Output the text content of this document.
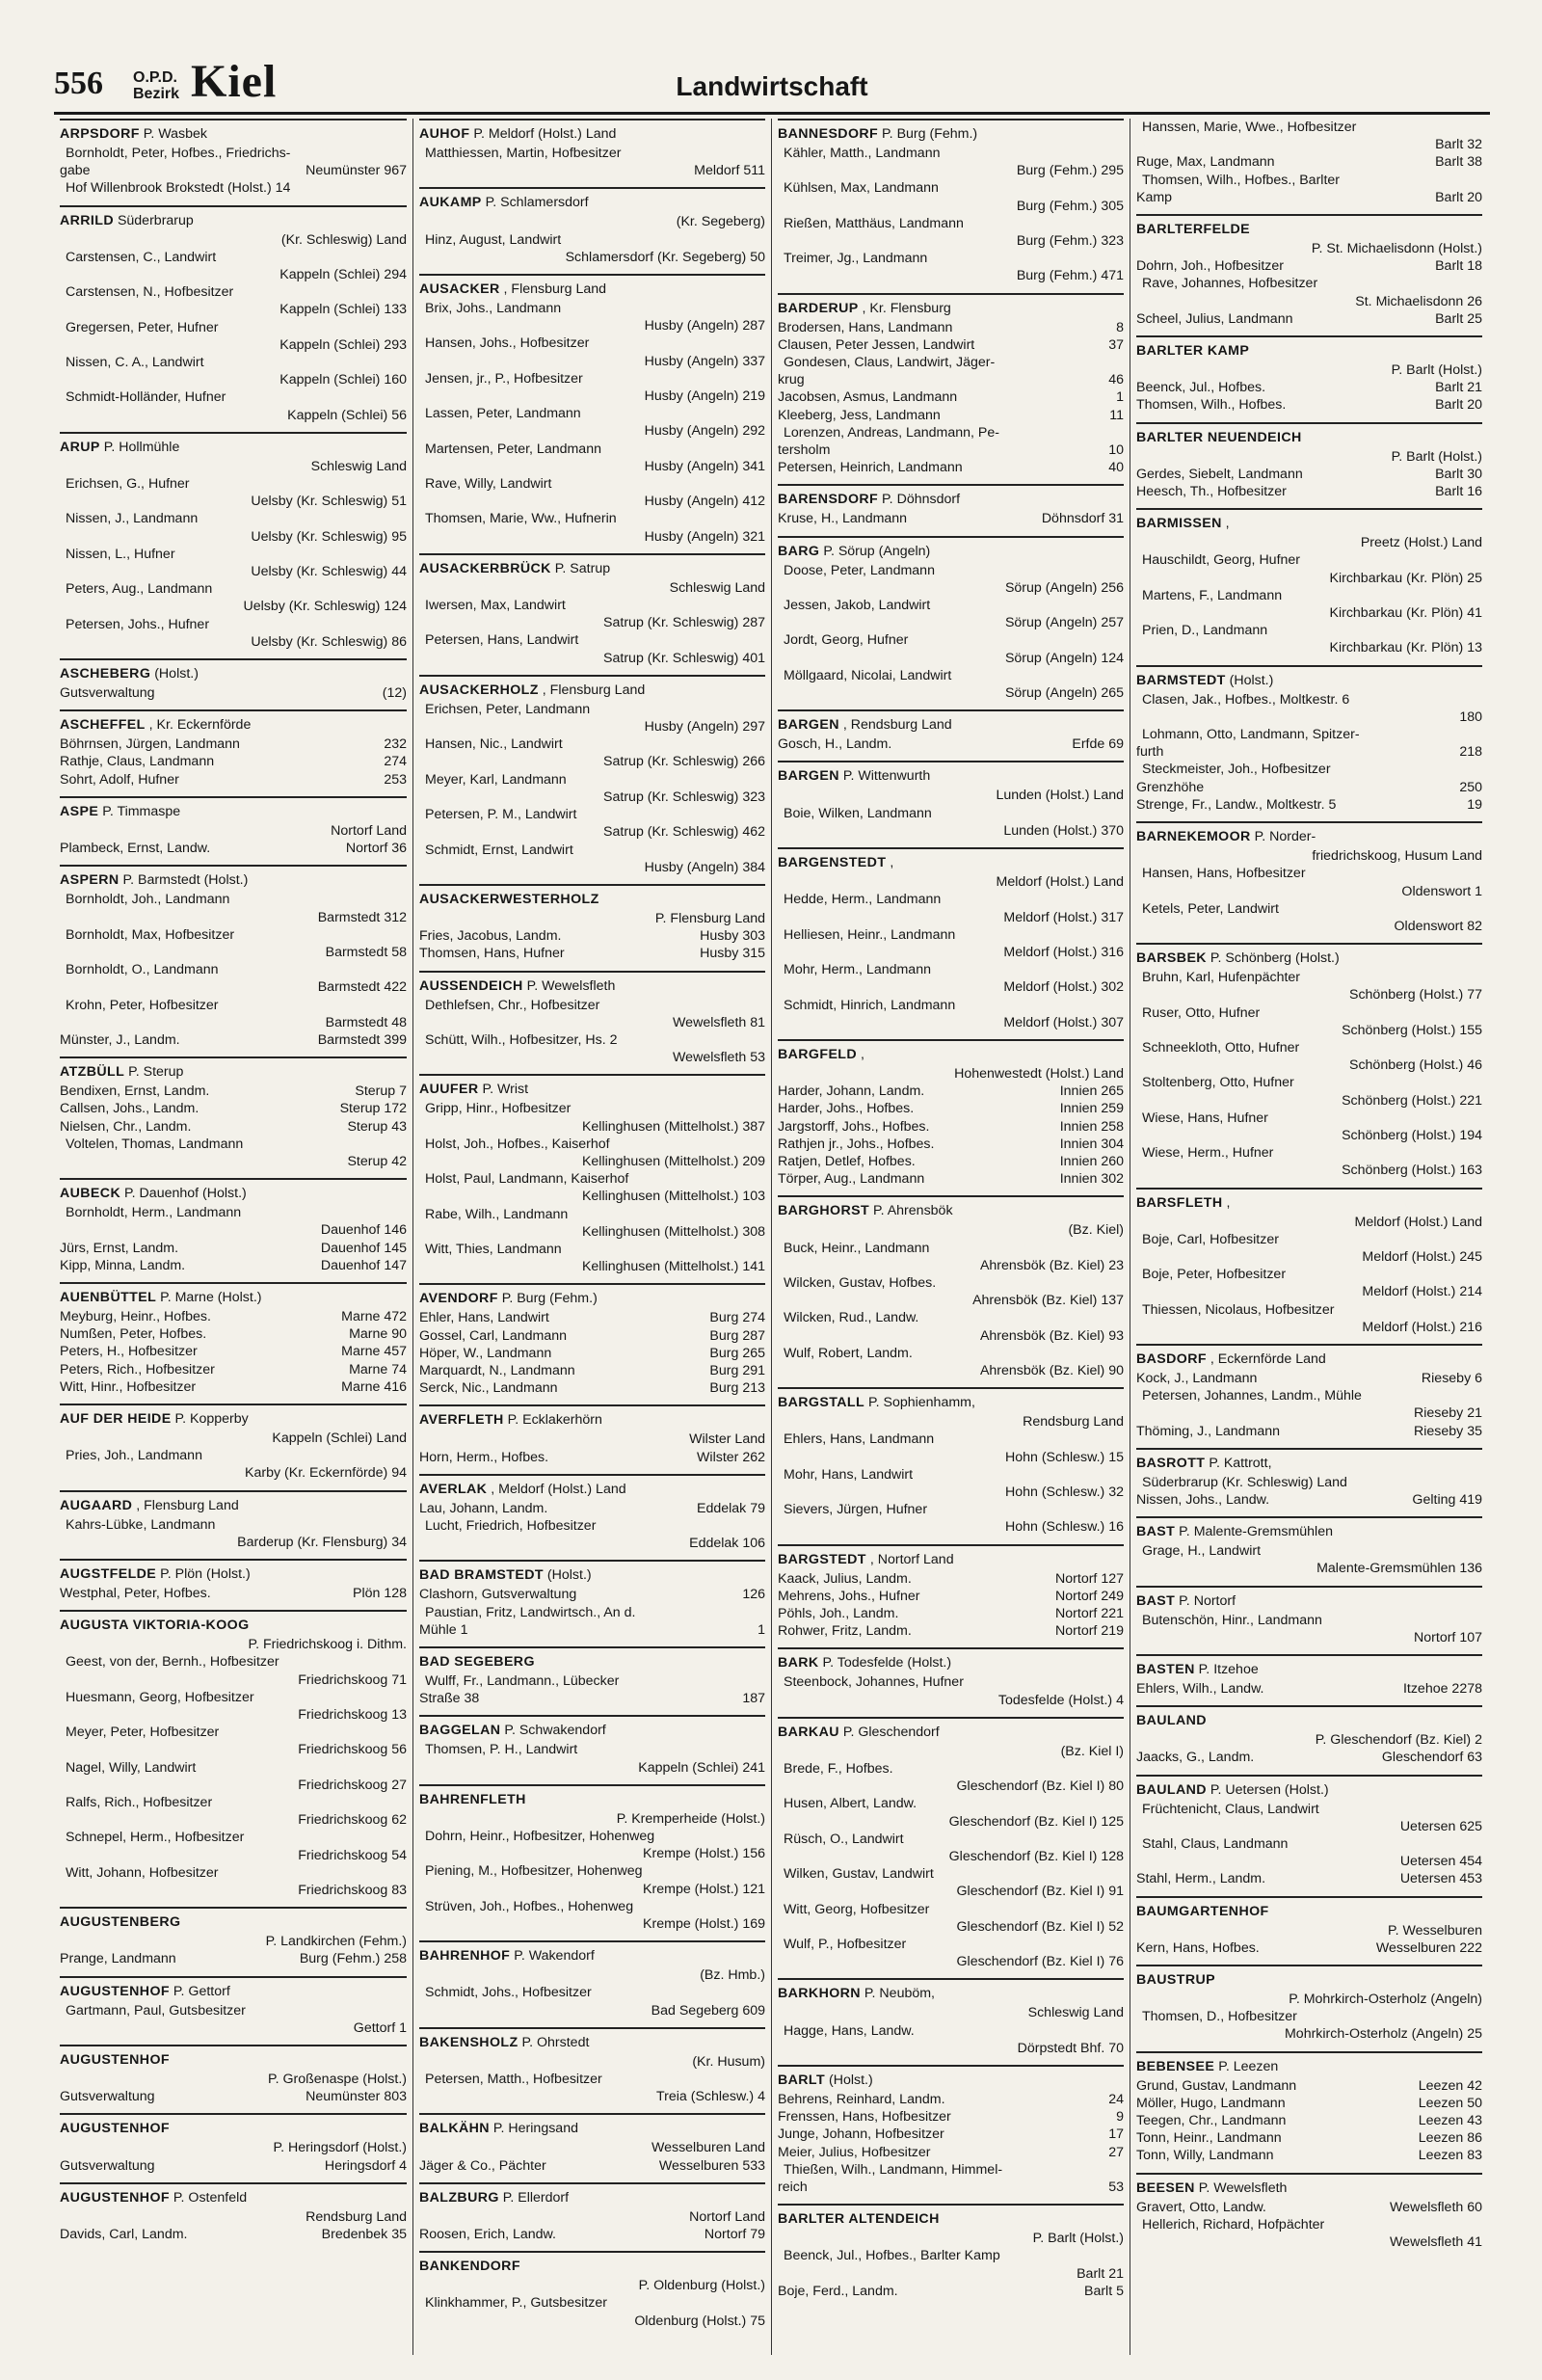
556 O.P.D. Bezirk Kiel	Landwirtschaft
ARPSDORF P. Wasbek
Bornholdt, Peter, Hofbes., Friedrichs-
gabe	Neumünster 967
Hof Willenbrook Brokstedt (Holst.) 14
ARRILD Süderbrarup
(Kr. Schleswig) Land
Carstensen, C., Landwirt
Kappeln (Schlei) 294
Carstensen, N., Hofbesitzer
Kappeln (Schlei) 133
Gregersen, Peter, Hufner
Kappeln (Schlei) 293
Nissen, C. A., Landwirt
Kappeln (Schlei) 160
Schmidt-Holländer, Hufner
Kappeln (Schlei) 56
ARUP P. Hollmühle
Schleswig Land
Erichsen, G., Hufner
Uelsby (Kr. Schleswig) 51
Nissen, J., Landmann
Uelsby (Kr. Schleswig) 95
Nissen, L., Hufner
Uelsby (Kr. Schleswig) 44
Peters, Aug., Landmann
Uelsby (Kr. Schleswig) 124
Petersen, Johs., Hufner
Uelsby (Kr. Schleswig) 86
ASCHEBERG (Holst.)
Gutsverwaltung	(12)
ASCHEFFEL , Kr. Eckernförde
Böhrnsen, Jürgen, Landmann	232
Rathje, Claus, Landmann	274
Sohrt, Adolf, Hufner	253
ASPE P. Timmaspe
Nortorf Land
Plambeck, Ernst, Landw.	Nortorf 36
ASPERN P. Barmstedt (Holst.)
Bornholdt, Joh., Landmann
Barmstedt 312
Bornholdt, Max, Hofbesitzer
Barmstedt 58
Bornholdt, O., Landmann
Barmstedt 422
Krohn, Peter, Hofbesitzer
Barmstedt 48
Münster, J., Landm.	Barmstedt 399
ATZBÜLL P. Sterup
Bendixen, Ernst, Landm.	Sterup 7
Callsen, Johs., Landm.	Sterup 172
Nielsen, Chr., Landm.	Sterup 43
Voltelen, Thomas, Landmann
Sterup 42
AUBECK P. Dauenhof (Holst.)
Bornholdt, Herm., Landmann
Dauenhof 146
Jürs, Ernst, Landm.	Dauenhof 145
Kipp, Minna, Landm.	Dauenhof 147
AUENBÜTTEL P. Marne (Holst.)
Meyburg, Heinr., Hofbes.	Marne 472
Numßen, Peter, Hofbes.	Marne 90
Peters, H., Hofbesitzer	Marne 457
Peters, Rich., Hofbesitzer	Marne 74
Witt, Hinr., Hofbesitzer	Marne 416
AUF DER HEIDE P. Kopperby
Kappeln (Schlei) Land
Pries, Joh., Landmann
Karby (Kr. Eckernförde) 94
AUGAARD , Flensburg Land
Kahrs-Lübke, Landmann
Barderup (Kr. Flensburg) 34
AUGSTFELDE P. Plön (Holst.)
Westphal, Peter, Hofbes.	Plön 128
AUGUSTA VIKTORIA-KOOG
P. Friedrichskoog i. Dithm.
Geest, von der, Bernh., Hofbesitzer
Friedrichskoog 71
Huesmann, Georg, Hofbesitzer
Friedrichskoog 13
Meyer, Peter, Hofbesitzer
Friedrichskoog 56
Nagel, Willy, Landwirt
Friedrichskoog 27
Ralfs, Rich., Hofbesitzer
Friedrichskoog 62
Schnepel, Herm., Hofbesitzer
Friedrichskoog 54
Witt, Johann, Hofbesitzer
Friedrichskoog 83
AUGUSTENBERG
P. Landkirchen (Fehm.)
Prange, Landmann	Burg (Fehm.) 258
AUGUSTENHOF P. Gettorf
Gartmann, Paul, Gutsbesitzer
Gettorf 1
AUGUSTENHOF
P. Großenaspe (Holst.)
Gutsverwaltung	Neumünster 803
AUGUSTENHOF
P. Heringsdorf (Holst.)
Gutsverwaltung	Heringsdorf 4
AUGUSTENHOF P. Ostenfeld
Rendsburg Land
Davids, Carl, Landm.	Bredenbek 35
AUHOF P. Meldorf (Holst.) Land
Matthiessen, Martin, Hofbesitzer
Meldorf 511
AUKAMP P. Schlamersdorf
(Kr. Segeberg)
Hinz, August, Landwirt
Schlamersdorf (Kr. Segeberg) 50
AUSACKER , Flensburg Land
Brix, Johs., Landmann
Husby (Angeln) 287
Hansen, Johs., Hofbesitzer
Husby (Angeln) 337
Jensen, jr., P., Hofbesitzer
Husby (Angeln) 219
Lassen, Peter, Landmann
Husby (Angeln) 292
Martensen, Peter, Landmann
Husby (Angeln) 341
Rave, Willy, Landwirt
Husby (Angeln) 412
Thomsen, Marie, Ww., Hufnerin
Husby (Angeln) 321
AUSACKERBRÜCK P. Satrup
Schleswig Land
Iwersen, Max, Landwirt
Satrup (Kr. Schleswig) 287
Petersen, Hans, Landwirt
Satrup (Kr. Schleswig) 401
AUSACKERHOLZ , Flensburg Land
Erichsen, Peter, Landmann
Husby (Angeln) 297
Hansen, Nic., Landwirt
Satrup (Kr. Schleswig) 266
Meyer, Karl, Landmann
Satrup (Kr. Schleswig) 323
Petersen, P. M., Landwirt
Satrup (Kr. Schleswig) 462
Schmidt, Ernst, Landwirt
Husby (Angeln) 384
AUSACKERWESTERHOLZ
P. Flensburg Land
Fries, Jacobus, Landm.	Husby 303
Thomsen, Hans, Hufner	Husby 315
AUSSENDEICH P. Wewelsfleth
Dethlefsen, Chr., Hofbesitzer
Wewelsfleth 81
Schütt, Wilh., Hofbesitzer, Hs. 2
Wewelsfleth 53
AUUFER P. Wrist
Gripp, Hinr., Hofbesitzer
Kellinghusen (Mittelholst.) 387
Holst, Joh., Hofbes., Kaiserhof
Kellinghusen (Mittelholst.) 209
Holst, Paul, Landmann, Kaiserhof
Kellinghusen (Mittelholst.) 103
Rabe, Wilh., Landmann
Kellinghusen (Mittelholst.) 308
Witt, Thies, Landmann
Kellinghusen (Mittelholst.) 141
AVENDORF P. Burg (Fehm.)
Ehler, Hans, Landwirt	Burg 274
Gossel, Carl, Landmann	Burg 287
Höper, W., Landmann	Burg 265
Marquardt, N., Landmann	Burg 291
Serck, Nic., Landmann	Burg 213
AVERFLETH P. Ecklakerhörn
Wilster Land
Horn, Herm., Hofbes.	Wilster 262
AVERLAK , Meldorf (Holst.) Land
Lau, Johann, Landm.	Eddelak 79
Lucht, Friedrich, Hofbesitzer
Eddelak 106
BAD BRAMSTEDT (Holst.)
Clashorn, Gutsverwaltung	126
Paustian, Fritz, Landwirtsch., An d.
Mühle 1	1
BAD SEGEBERG
Wulff, Fr., Landmann., Lübecker
Straße 38	187
BAGGELAN P. Schwakendorf
Thomsen, P. H., Landwirt
Kappeln (Schlei) 241
BAHRENFLETH
P. Kremperheide (Holst.)
Dohrn, Heinr., Hofbesitzer, Hohenweg
Krempe (Holst.) 156
Piening, M., Hofbesitzer, Hohenweg
Krempe (Holst.) 121
Strüven, Joh., Hofbes., Hohenweg
Krempe (Holst.) 169
BAHRENHOF P. Wakendorf
(Bz. Hmb.)
Schmidt, Johs., Hofbesitzer
Bad Segeberg 609
BAKENSHOLZ P. Ohrstedt
(Kr. Husum)
Petersen, Matth., Hofbesitzer
Treia (Schlesw.) 4
BALKÄHN P. Heringsand
Wesselburen Land
Jäger & Co., Pächter	Wesselburen 533
BALZBURG P. Ellerdorf
Nortorf Land
Roosen, Erich, Landw.	Nortorf 79
BANKENDORF
P. Oldenburg (Holst.)
Klinkhammer, P., Gutsbesitzer
Oldenburg (Holst.) 75
BANNESDORF P. Burg (Fehm.)
Kähler, Matth., Landmann
Burg (Fehm.) 295
Kühlsen, Max, Landmann
Burg (Fehm.) 305
Rießen, Matthäus, Landmann
Burg (Fehm.) 323
Treimer, Jg., Landmann
Burg (Fehm.) 471
BARDERUP , Kr. Flensburg
Brodersen, Hans, Landmann	8
Clausen, Peter Jessen, Landwirt	37
Gondesen, Claus, Landwirt, Jäger-
krug	46
Jacobsen, Asmus, Landmann	1
Kleeberg, Jess, Landmann	11
Lorenzen, Andreas, Landmann, Pe-
tersholm	10
Petersen, Heinrich, Landmann	40
BARENSDORF P. Döhnsdorf
Kruse, H., Landmann	Döhnsdorf 31
BARG P. Sörup (Angeln)
Doose, Peter, Landmann
Sörup (Angeln) 256
Jessen, Jakob, Landwirt
Sörup (Angeln) 257
Jordt, Georg, Hufner
Sörup (Angeln) 124
Möllgaard, Nicolai, Landwirt
Sörup (Angeln) 265
BARGEN , Rendsburg Land
Gosch, H., Landm.	Erfde 69
BARGEN P. Wittenwurth
Lunden (Holst.) Land
Boie, Wilken, Landmann
Lunden (Holst.) 370
BARGENSTEDT ,
Meldorf (Holst.) Land
Hedde, Herm., Landmann
Meldorf (Holst.) 317
Helliesen, Heinr., Landmann
Meldorf (Holst.) 316
Mohr, Herm., Landmann
Meldorf (Holst.) 302
Schmidt, Hinrich, Landmann
Meldorf (Holst.) 307
BARGFELD ,
Hohenwestedt (Holst.) Land
Harder, Johann, Landm.	Innien 265
Harder, Johs., Hofbes.	Innien 259
Jargstorff, Johs., Hofbes.	Innien 258
Rathjen jr., Johs., Hofbes.	Innien 304
Ratjen, Detlef, Hofbes.	Innien 260
Törper, Aug., Landmann	Innien 302
BARGHORST P. Ahrensbök
(Bz. Kiel)
Buck, Heinr., Landmann
Ahrensbök (Bz. Kiel) 23
Wilcken, Gustav, Hofbes.
Ahrensbök (Bz. Kiel) 137
Wilcken, Rud., Landw.
Ahrensbök (Bz. Kiel) 93
Wulf, Robert, Landm.
Ahrensbök (Bz. Kiel) 90
BARGSTALL P. Sophienhamm,
Rendsburg Land
Ehlers, Hans, Landmann
Hohn (Schlesw.) 15
Mohr, Hans, Landwirt
Hohn (Schlesw.) 32
Sievers, Jürgen, Hufner
Hohn (Schlesw.) 16
BARGSTEDT , Nortorf Land
Kaack, Julius, Landm.	Nortorf 127
Mehrens, Johs., Hufner	Nortorf 249
Pöhls, Joh., Landm.	Nortorf 221
Rohwer, Fritz, Landm.	Nortorf 219
BARK P. Todesfelde (Holst.)
Steenbock, Johannes, Hufner
Todesfelde (Holst.) 4
BARKAU P. Gleschendorf
(Bz. Kiel I)
Brede, F., Hofbes.
Gleschendorf (Bz. Kiel I) 80
Husen, Albert, Landw.
Gleschendorf (Bz. Kiel I) 125
Rüsch, O., Landwirt
Gleschendorf (Bz. Kiel I) 128
Wilken, Gustav, Landwirt
Gleschendorf (Bz. Kiel I) 91
Witt, Georg, Hofbesitzer
Gleschendorf (Bz. Kiel I) 52
Wulf, P., Hofbesitzer
Gleschendorf (Bz. Kiel I) 76
BARKHORN P. Neuböm,
Schleswig Land
Hagge, Hans, Landw.
Dörpstedt Bhf. 70
BARLT (Holst.)
Behrens, Reinhard, Landm.	24
Frenssen, Hans, Hofbesitzer	9
Junge, Johann, Hofbesitzer	17
Meier, Julius, Hofbesitzer	27
Thießen, Wilh., Landmann, Himmel-
reich	53
BARLTER ALTENDEICH
P. Barlt (Holst.)
Beenck, Jul., Hofbes., Barlter Kamp
Barlt 21
Boje, Ferd., Landm.	Barlt 5
Hanssen, Marie, Wwe., Hofbesitzer
Barlt 32
Ruge, Max, Landmann	Barlt 38
Thomsen, Wilh., Hofbes., Barlter
Kamp	Barlt 20
BARLTERFELDE
P. St. Michaelisdonn (Holst.)
Dohrn, Joh., Hofbesitzer	Barlt 18
Rave, Johannes, Hofbesitzer
St. Michaelisdonn 26
Scheel, Julius, Landmann	Barlt 25
BARLTER KAMP
P. Barlt (Holst.)
Beenck, Jul., Hofbes.	Barlt 21
Thomsen, Wilh., Hofbes.	Barlt 20
BARLTER NEUENDEICH
P. Barlt (Holst.)
Gerdes, Siebelt, Landmann	Barlt 30
Heesch, Th., Hofbesitzer	Barlt 16
BARMISSEN ,
Preetz (Holst.) Land
Hauschildt, Georg, Hufner
Kirchbarkau (Kr. Plön) 25
Martens, F., Landmann
Kirchbarkau (Kr. Plön) 41
Prien, D., Landmann
Kirchbarkau (Kr. Plön) 13
BARMSTEDT (Holst.)
Clasen, Jak., Hofbes., Moltkestr. 6
180
Lohmann, Otto, Landmann, Spitzer-
furth	218
Steckmeister, Joh., Hofbesitzer
Grenzhöhe	250
Strenge, Fr., Landw., Moltkestr. 5	19
BARNEKEMOOR P. Norder-
friedrichskoog, Husum Land
Hansen, Hans, Hofbesitzer
Oldenswort 1
Ketels, Peter, Landwirt
Oldenswort 82
BARSBEK P. Schönberg (Holst.)
Bruhn, Karl, Hufenpächter
Schönberg (Holst.) 77
Ruser, Otto, Hufner
Schönberg (Holst.) 155
Schneekloth, Otto, Hufner
Schönberg (Holst.) 46
Stoltenberg, Otto, Hufner
Schönberg (Holst.) 221
Wiese, Hans, Hufner
Schönberg (Holst.) 194
Wiese, Herm., Hufner
Schönberg (Holst.) 163
BARSFLETH ,
Meldorf (Holst.) Land
Boje, Carl, Hofbesitzer
Meldorf (Holst.) 245
Boje, Peter, Hofbesitzer
Meldorf (Holst.) 214
Thiessen, Nicolaus, Hofbesitzer
Meldorf (Holst.) 216
BASDORF , Eckernförde Land
Kock, J., Landmann	Rieseby 6
Petersen, Johannes, Landm., Mühle
Rieseby 21
Thöming, J., Landmann	Rieseby 35
BASROTT P. Kattrott,
Süderbrarup (Kr. Schleswig) Land
Nissen, Johs., Landw.	Gelting 419
BAST P. Malente-Gremsmühlen
Grage, H., Landwirt
Malente-Gremsmühlen 136
BAST P. Nortorf
Butenschön, Hinr., Landmann
Nortorf 107
BASTEN P. Itzehoe
Ehlers, Wilh., Landw.	Itzehoe 2278
BAULAND
P. Gleschendorf (Bz. Kiel) 2
Jaacks, G., Landm.	Gleschendorf 63
BAULAND P. Uetersen (Holst.)
Früchtenicht, Claus, Landwirt
Uetersen 625
Stahl, Claus, Landmann
Uetersen 454
Stahl, Herm., Landm.	Uetersen 453
BAUMGARTENHOF
P. Wesselburen
Kern, Hans, Hofbes.	Wesselburen 222
BAUSTRUP
P. Mohrkirch-Osterholz (Angeln)
Thomsen, D., Hofbesitzer
Mohrkirch-Osterholz (Angeln) 25
BEBENSEE P. Leezen
Grund, Gustav, Landmann	Leezen 42
Möller, Hugo, Landmann	Leezen 50
Teegen, Chr., Landmann	Leezen 43
Tonn, Heinr., Landmann	Leezen 86
Tonn, Willy, Landmann	Leezen 83
BEESEN P. Wewelsfleth
Gravert, Otto, Landw.	Wewelsfleth 60
Hellerich, Richard, Hofpächter
Wewelsfleth 41
